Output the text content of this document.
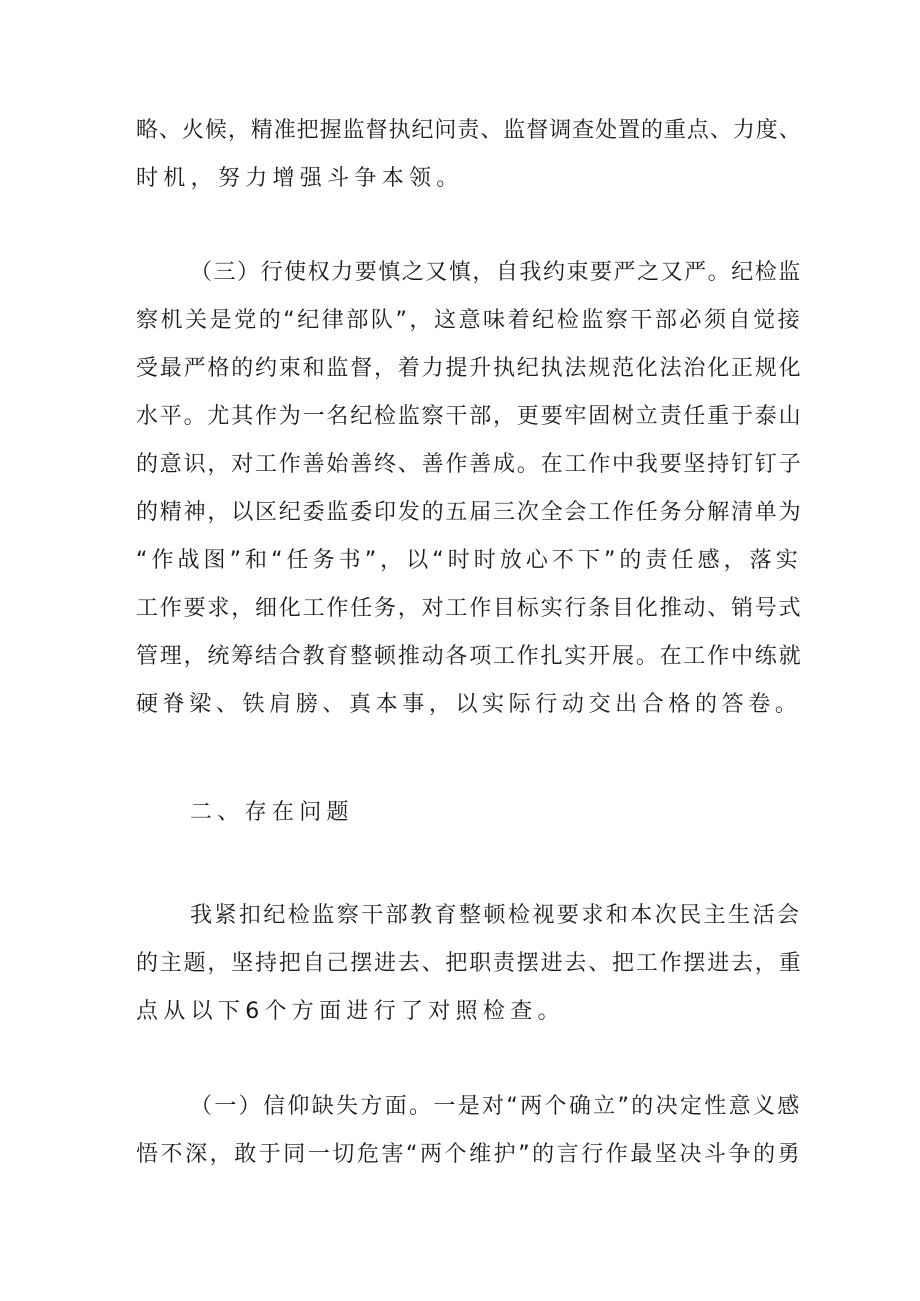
略、火候，精准把握监督执纪问责、监督调查处置的重点、力度、
时机，努力增强斗争本领。
（三）行使权力要慎之又慎，自我约束要严之又严。纪检监
察机关是党的“纪律部队”，这意味着纪检监察干部必须自觉接
受最严格的约束和监督，着力提升执纪执法规范化法治化正规化
水平。尤其作为一名纪检监察干部，更要牢固树立责任重于泰山
的意识，对工作善始善终、善作善成。在工作中我要坚持钉钉子
的精神，以区纪委监委印发的五届三次全会工作任务分解清单为
“作战图”和“任务书”，以“时时放心不下”的责任感，落实
工作要求，细化工作任务，对工作目标实行条目化推动、销号式
管理，统筹结合教育整顿推动各项工作扎实开展。在工作中练就
硬脊梁、铁肩膀、真本事，以实际行动交出合格的答卷。
二、存在问题
我紧扣纪检监察干部教育整顿检视要求和本次民主生活会
的主题，坚持把自己摆进去、把职责摆进去、把工作摆进去，重
点从以下6个方面进行了对照检查。
（一）信仰缺失方面。一是对“两个确立”的决定性意义感
悟不深，敢于同一切危害“两个维护”的言行作最坚决斗争的勇
